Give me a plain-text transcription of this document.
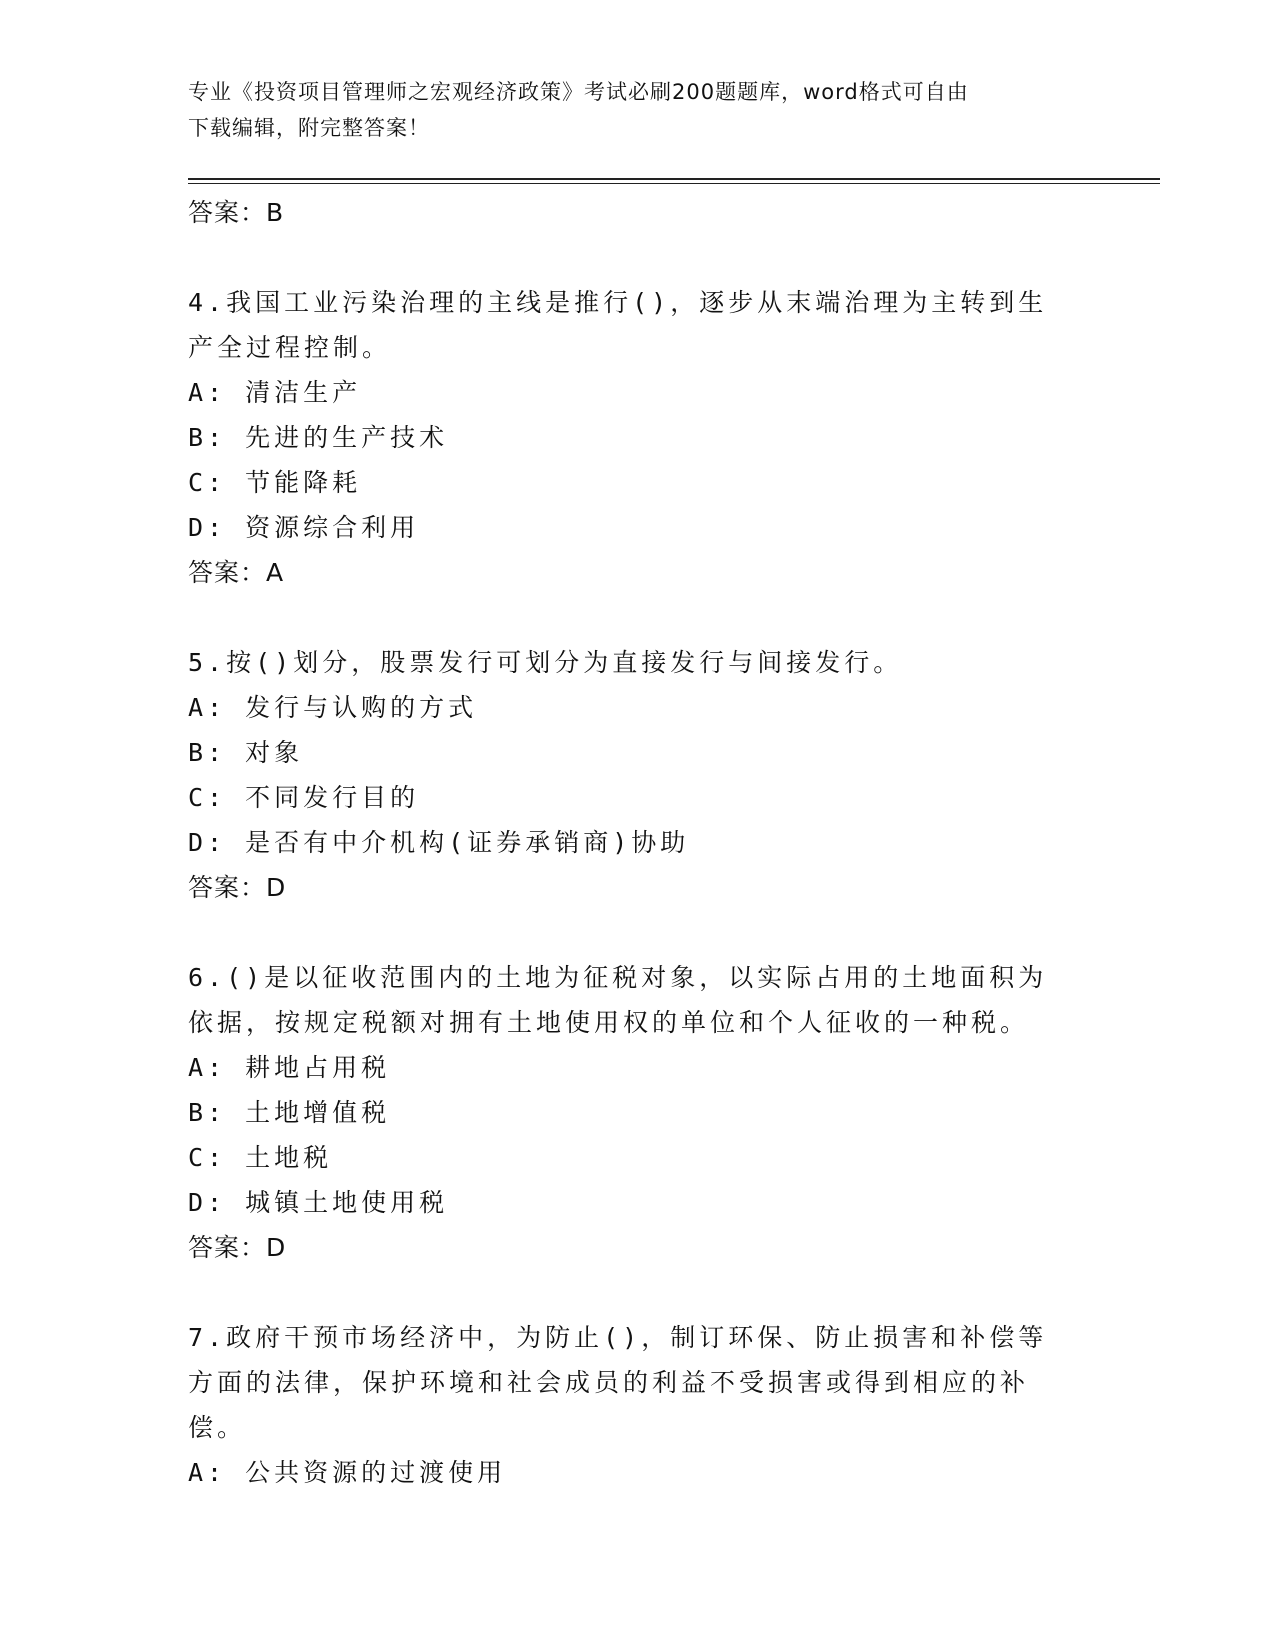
专业《投资项目管理师之宏观经济政策》考试必刷200题题库，word格式可自由
下载编辑，附完整答案！
答案：B
4.我国工业污染治理的主线是推行()，逐步从末端治理为主转到生产全过程控制。
A: 清洁生产
B: 先进的生产技术
C: 节能降耗
D: 资源综合利用
答案：A
5.按()划分，股票发行可划分为直接发行与间接发行。
A: 发行与认购的方式
B: 对象
C: 不同发行目的
D: 是否有中介机构(证券承销商)协助
答案：D
6.()是以征收范围内的土地为征税对象，以实际占用的土地面积为依据，按规定税额对拥有土地使用权的单位和个人征收的一种税。
A: 耕地占用税
B: 土地增值税
C: 土地税
D: 城镇土地使用税
答案：D
7.政府干预市场经济中，为防止()，制订环保、防止损害和补偿等方面的法律，保护环境和社会成员的利益不受损害或得到相应的补偿。
A: 公共资源的过渡使用
